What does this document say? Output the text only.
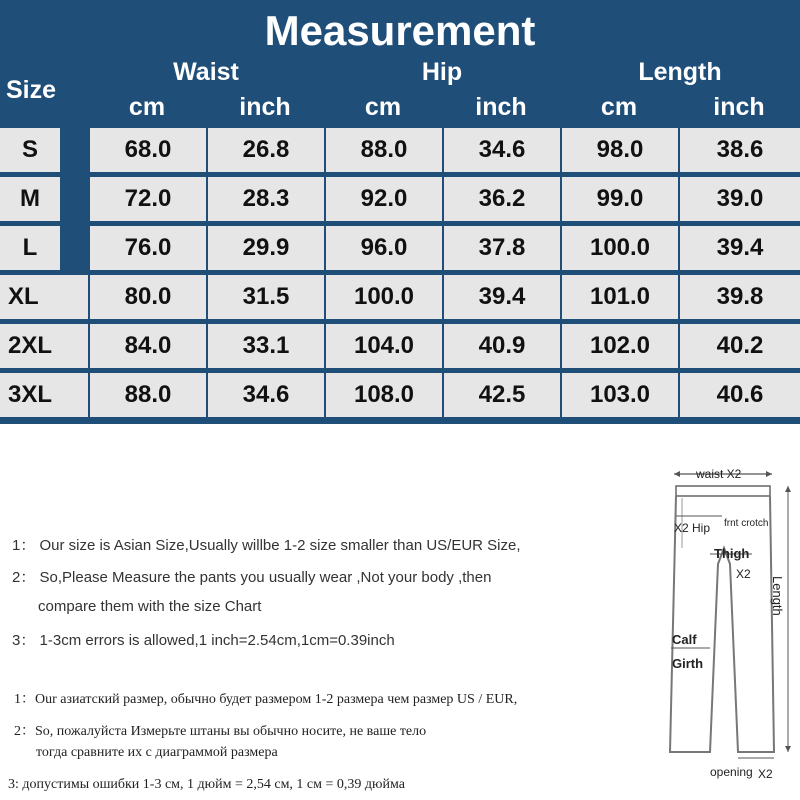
Measurement
Size
Waist	Hip	Length
cm	inch	cm	inch	cm	inch
S	68.0	26.8	88.0	34.6	98.0	38.6
M	72.0	28.3	92.0	36.2	99.0	39.0
L	76.0	29.9	96.0	37.8	100.0	39.4
XL	80.0	31.5	100.0	39.4	101.0	39.8
2XL	84.0	33.1	104.0	40.9	102.0	40.2
3XL	88.0	34.6	108.0	42.5	103.0	40.6
1： Our size is Asian Size,Usually willbe 1-2 size smaller than US/EUR Size,
2： So,Please Measure the pants you usually wear ,Not your body ,then
compare them with the size Chart
3： 1-3cm errors is allowed,1 inch=2.54cm,1cm=0.39inch
1：Our азиатский размер, обычно будет размером 1-2 размера чем размер US / EUR,
2：So, пожалуйста Измерьте штаны вы обычно носите, не ваше тело
тогда сравните их с диаграммой размера
3: допустимы ошибки 1-3 см, 1 дюйм = 2,54 см, 1 см = 0,39 дюйма
waist X2
X2 Hip frnt crotch
Thigh
X2
Length
Calf
Girth
opening X2
